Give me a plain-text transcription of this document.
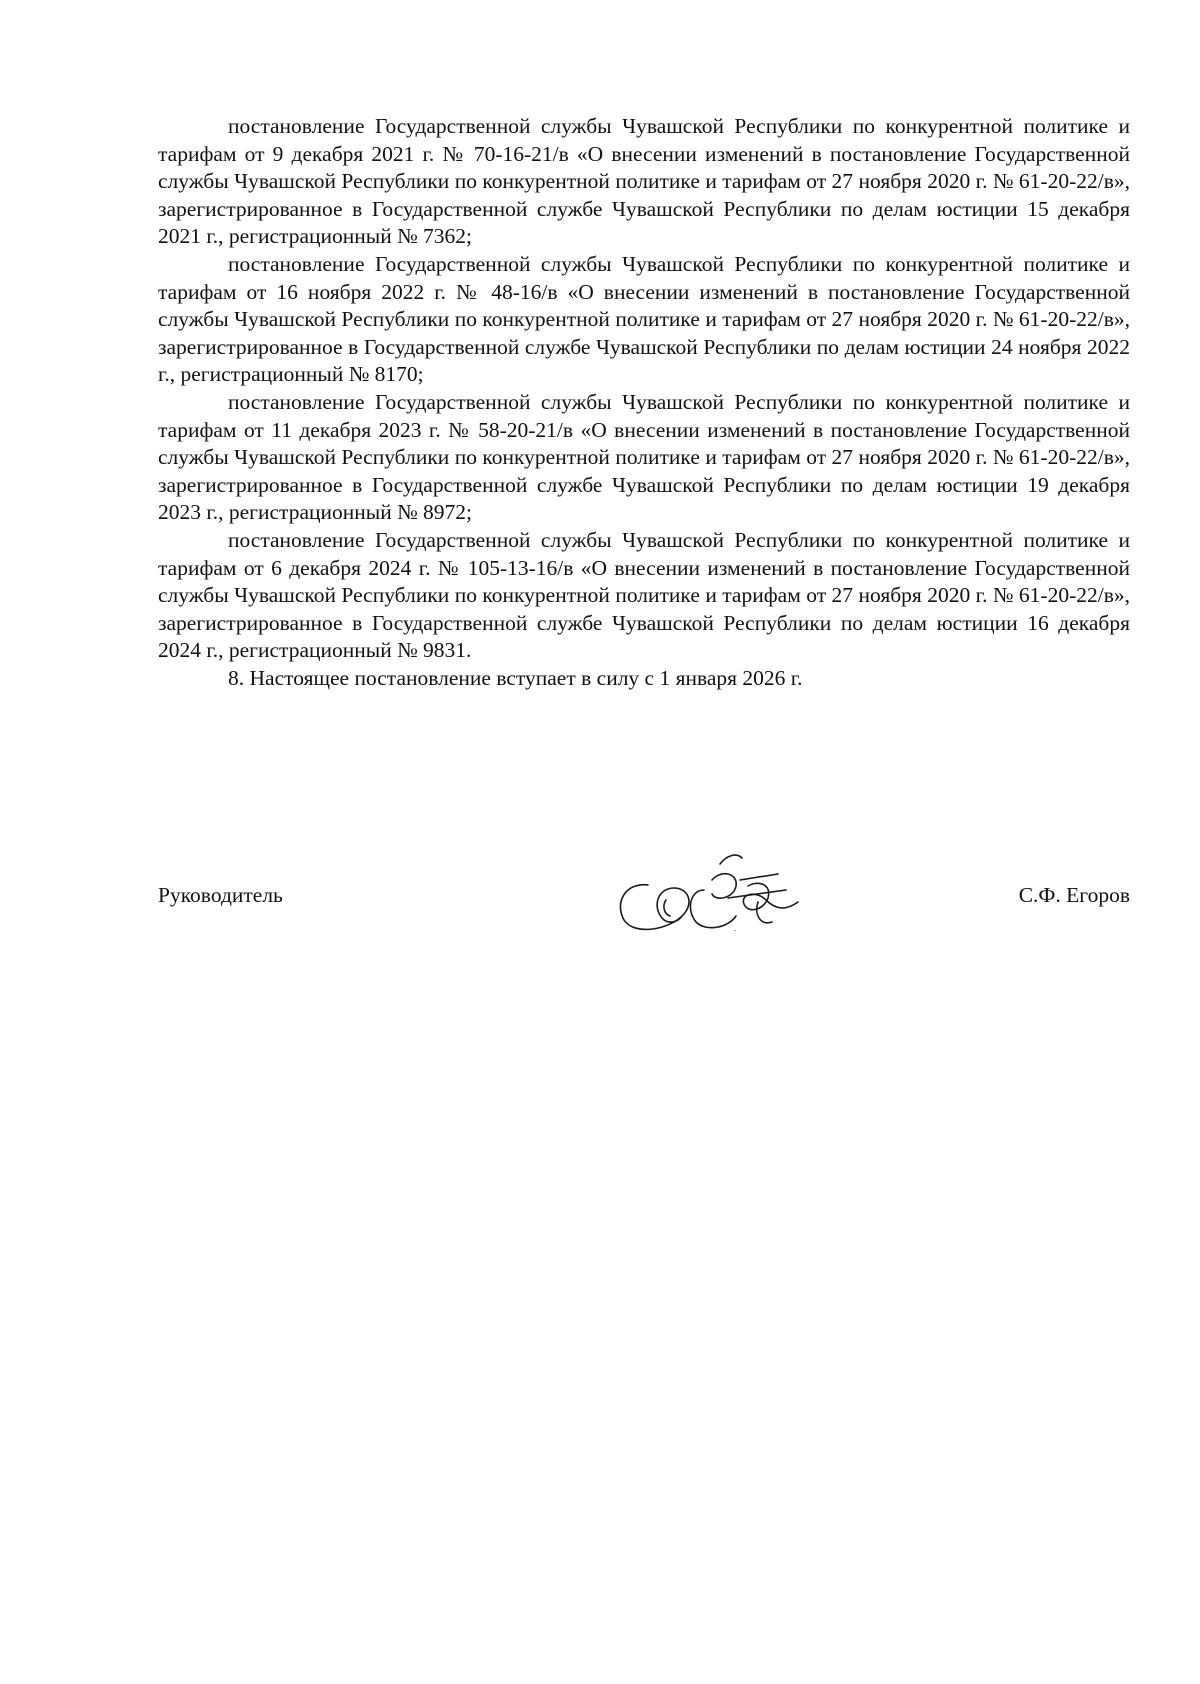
постановление Государственной службы Чувашской Республики по конкурентной политике и тарифам от 9 декабря 2021 г. № 70-16-21/в «О внесении изменений в постановление Государственной службы Чувашской Республики по конкурентной политике и тарифам от 27 ноября 2020 г. № 61-20-22/в», зарегистрированное в Государственной службе Чувашской Республики по делам юстиции 15 декабря 2021 г., регистрационный № 7362;

постановление Государственной службы Чувашской Республики по конкурентной политике и тарифам от 16 ноября 2022 г. № 48-16/в «О внесении изменений в постановление Государственной службы Чувашской Республики по конкурентной политике и тарифам от 27 ноября 2020 г. № 61-20-22/в», зарегистрированное в Государственной службе Чувашской Республики по делам юстиции 24 ноября 2022 г., регистрационный № 8170;

постановление Государственной службы Чувашской Республики по конкурентной политике и тарифам от 11 декабря 2023 г. № 58-20-21/в «О внесении изменений в постановление Государственной службы Чувашской Республики по конкурентной политике и тарифам от 27 ноября 2020 г. № 61-20-22/в», зарегистрированное в Государственной службе Чувашской Республики по делам юстиции 19 декабря 2023 г., регистрационный № 8972;

постановление Государственной службы Чувашской Республики по конкурентной политике и тарифам от 6 декабря 2024 г. № 105-13-16/в «О внесении изменений в постановление Государственной службы Чувашской Республики по конкурентной политике и тарифам от 27 ноября 2020 г. № 61-20-22/в», зарегистрированное в Государственной службе Чувашской Республики по делам юстиции 16 декабря 2024 г., регистрационный № 9831.

8. Настоящее постановление вступает в силу с 1 января 2026 г.

Руководитель	С.Ф. Егоров
